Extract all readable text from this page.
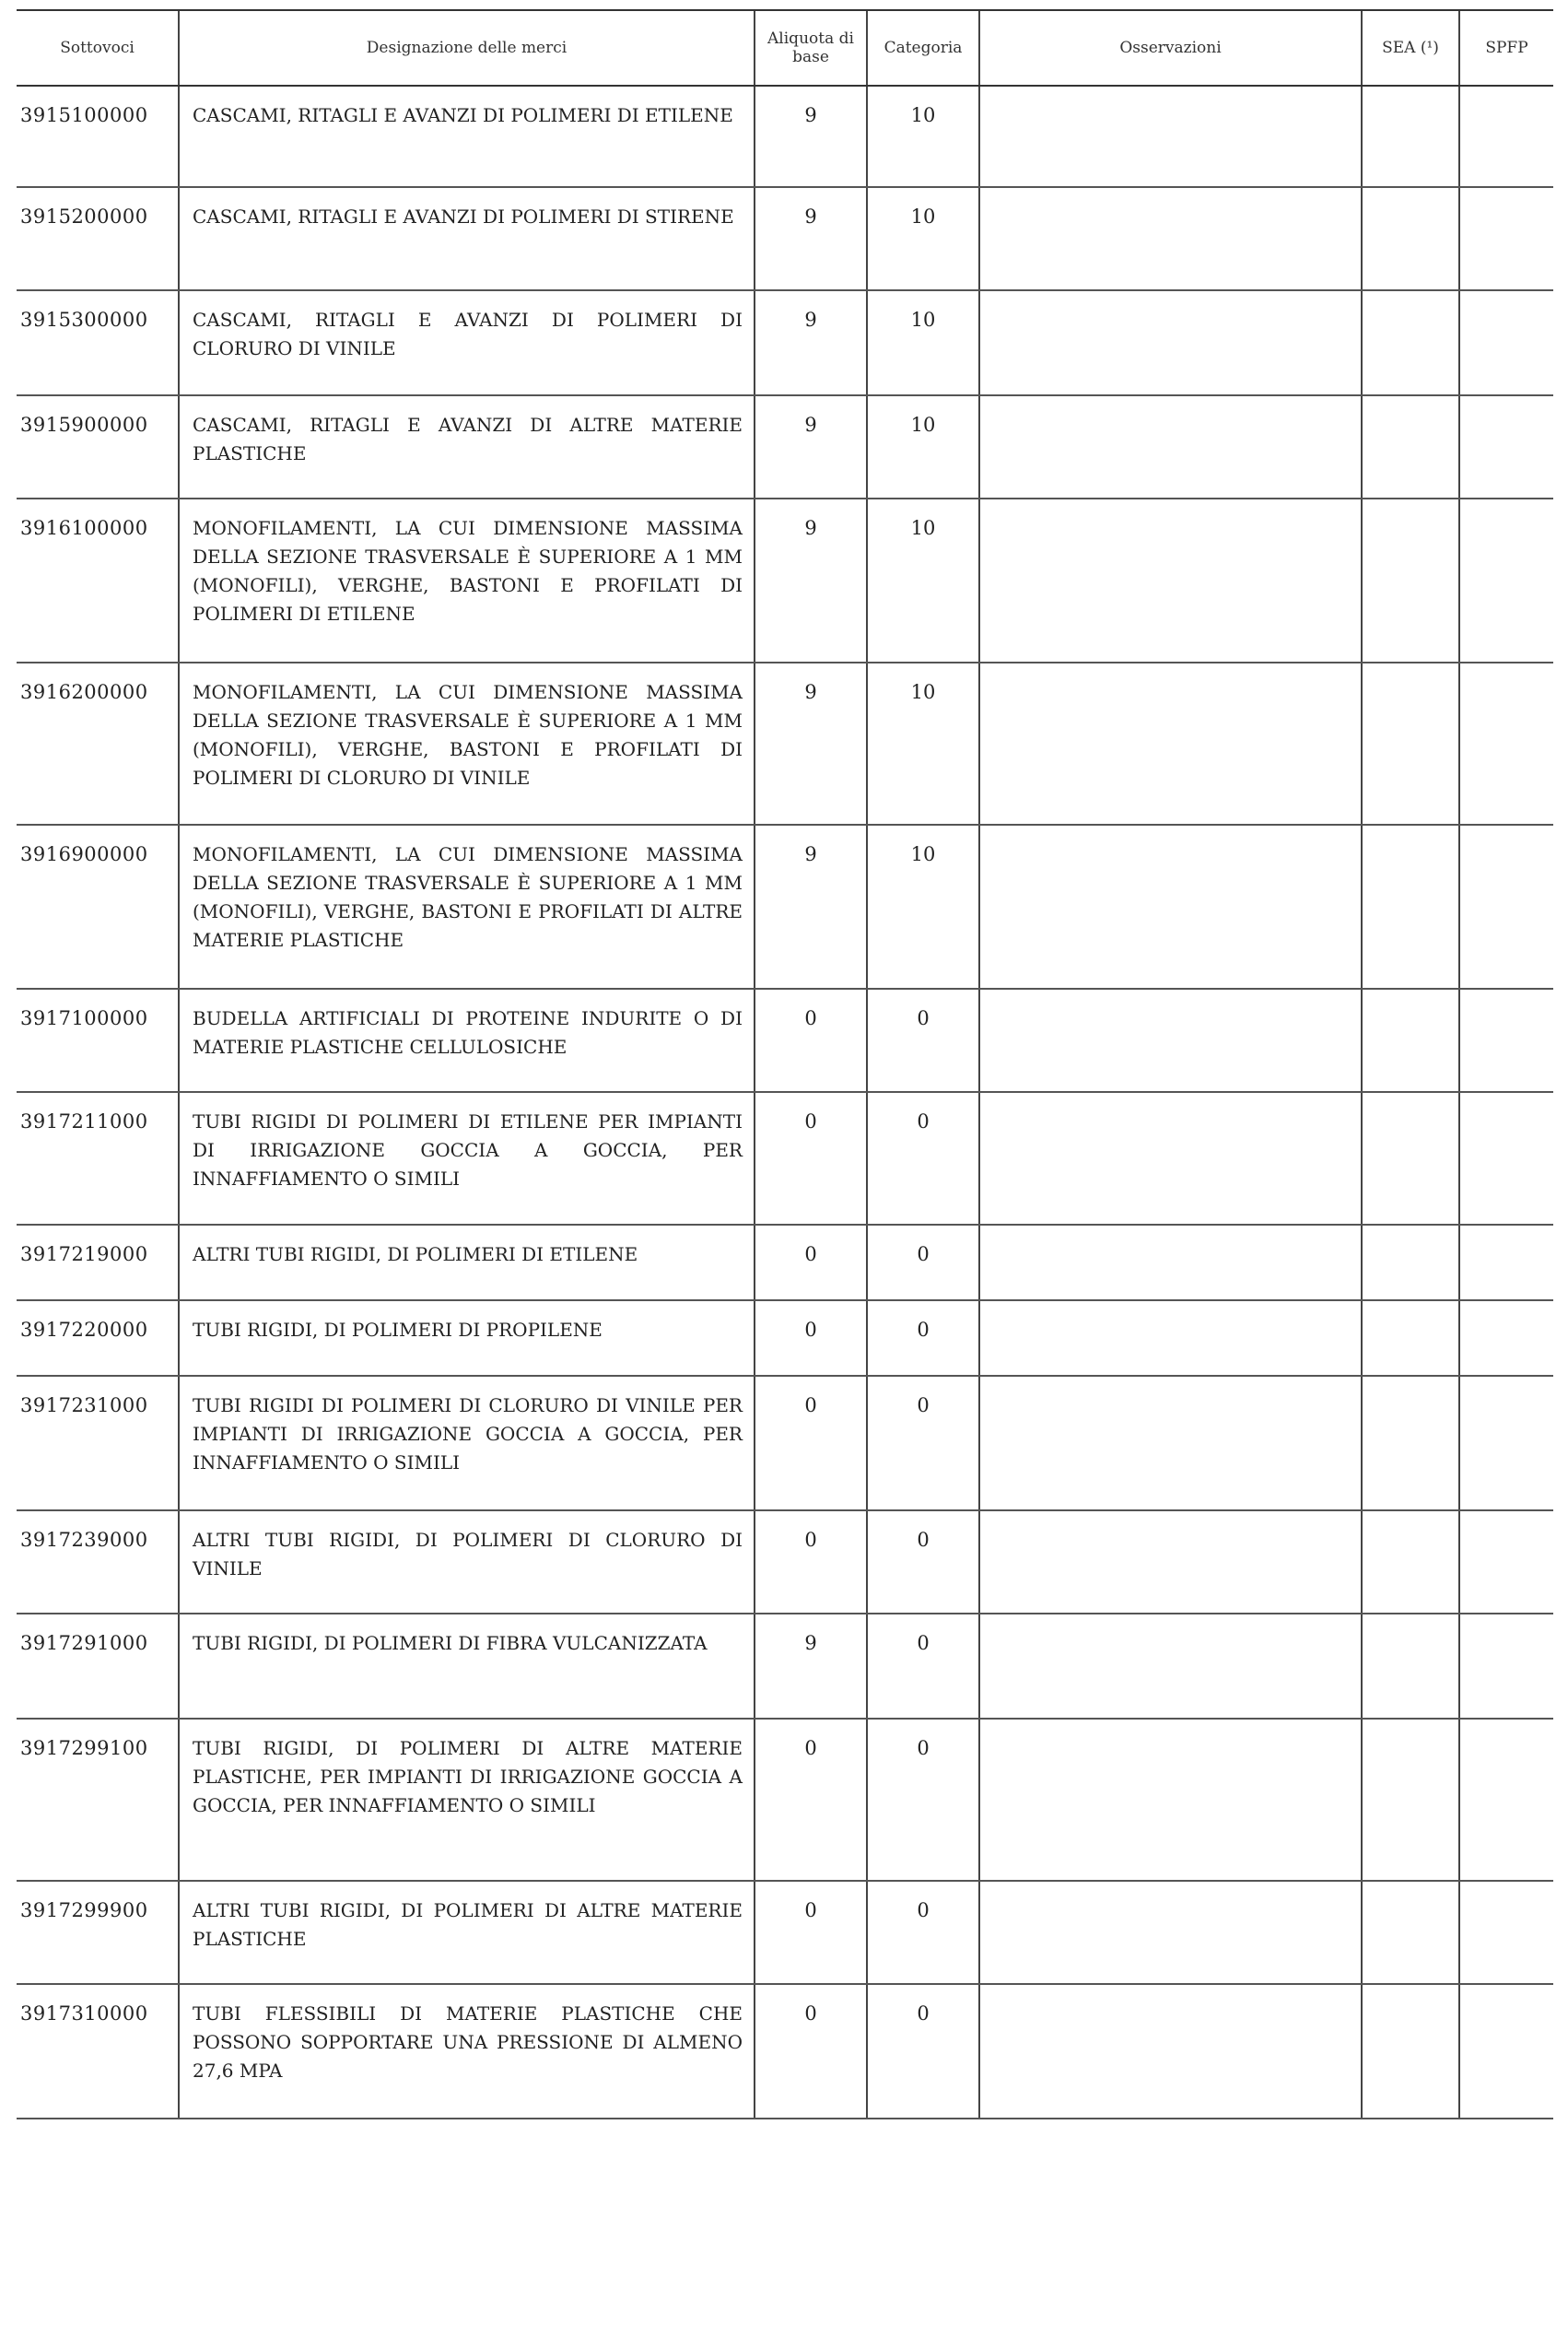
Sottovoci	Designazione delle merci	Aliquota di base	Categoria	Osservazioni	SEA (¹)	SPFP
3915100000	CASCAMI, RITAGLI E AVANZI DI POLIMERI DI ETILENE	9	10			
3915200000	CASCAMI, RITAGLI E AVANZI DI POLIMERI DI STIRENE	9	10			
3915300000	CASCAMI, RITAGLI E AVANZI DI POLIMERI DI CLORURO DI VINILE	9	10			
3915900000	CASCAMI, RITAGLI E AVANZI DI ALTRE MATERIE PLASTICHE	9	10			
3916100000	MONOFILAMENTI, LA CUI DIMENSIONE MASSIMA DELLA SEZIONE TRASVERSALE È SUPERIORE A 1 MM (MONOFILI), VERGHE, BASTONI E PROFILATI DI POLIMERI DI ETILENE	9	10			
3916200000	MONOFILAMENTI, LA CUI DIMENSIONE MASSIMA DELLA SEZIONE TRASVERSALE È SUPERIORE A 1 MM (MONOFILI), VERGHE, BASTONI E PROFILATI DI POLIMERI DI CLORURO DI VINILE	9	10			
3916900000	MONOFILAMENTI, LA CUI DIMENSIONE MASSIMA DELLA SEZIONE TRASVERSALE È SUPERIORE A 1 MM (MONOFILI), VERGHE, BASTONI E PROFILATI DI ALTRE MATERIE PLASTICHE	9	10			
3917100000	BUDELLA ARTIFICIALI DI PROTEINE INDURITE O DI MATERIE PLASTICHE CELLULOSICHE	0	0			
3917211000	TUBI RIGIDI DI POLIMERI DI ETILENE PER IMPIANTI DI IRRIGAZIONE GOCCIA A GOCCIA, PER INNAFFIAMENTO O SIMILI	0	0			
3917219000	ALTRI TUBI RIGIDI, DI POLIMERI DI ETILENE	0	0			
3917220000	TUBI RIGIDI, DI POLIMERI DI PROPILENE	0	0			
3917231000	TUBI RIGIDI DI POLIMERI DI CLORURO DI VINILE PER IMPIANTI DI IRRIGAZIONE GOCCIA A GOCCIA, PER INNAFFIAMENTO O SIMILI	0	0			
3917239000	ALTRI TUBI RIGIDI, DI POLIMERI DI CLORURO DI VINILE	0	0			
3917291000	TUBI RIGIDI, DI POLIMERI DI FIBRA VULCANIZZATA	9	0			
3917299100	TUBI RIGIDI, DI POLIMERI DI ALTRE MATERIE PLASTICHE, PER IMPIANTI DI IRRIGAZIONE GOCCIA A GOCCIA, PER INNAFFIAMENTO O SIMILI	0	0			
3917299900	ALTRI TUBI RIGIDI, DI POLIMERI DI ALTRE MATERIE PLASTICHE	0	0			
3917310000	TUBI FLESSIBILI DI MATERIE PLASTICHE CHE POSSONO SOPPORTARE UNA PRESSIONE DI ALMENO 27,6 MPA	0	0			
